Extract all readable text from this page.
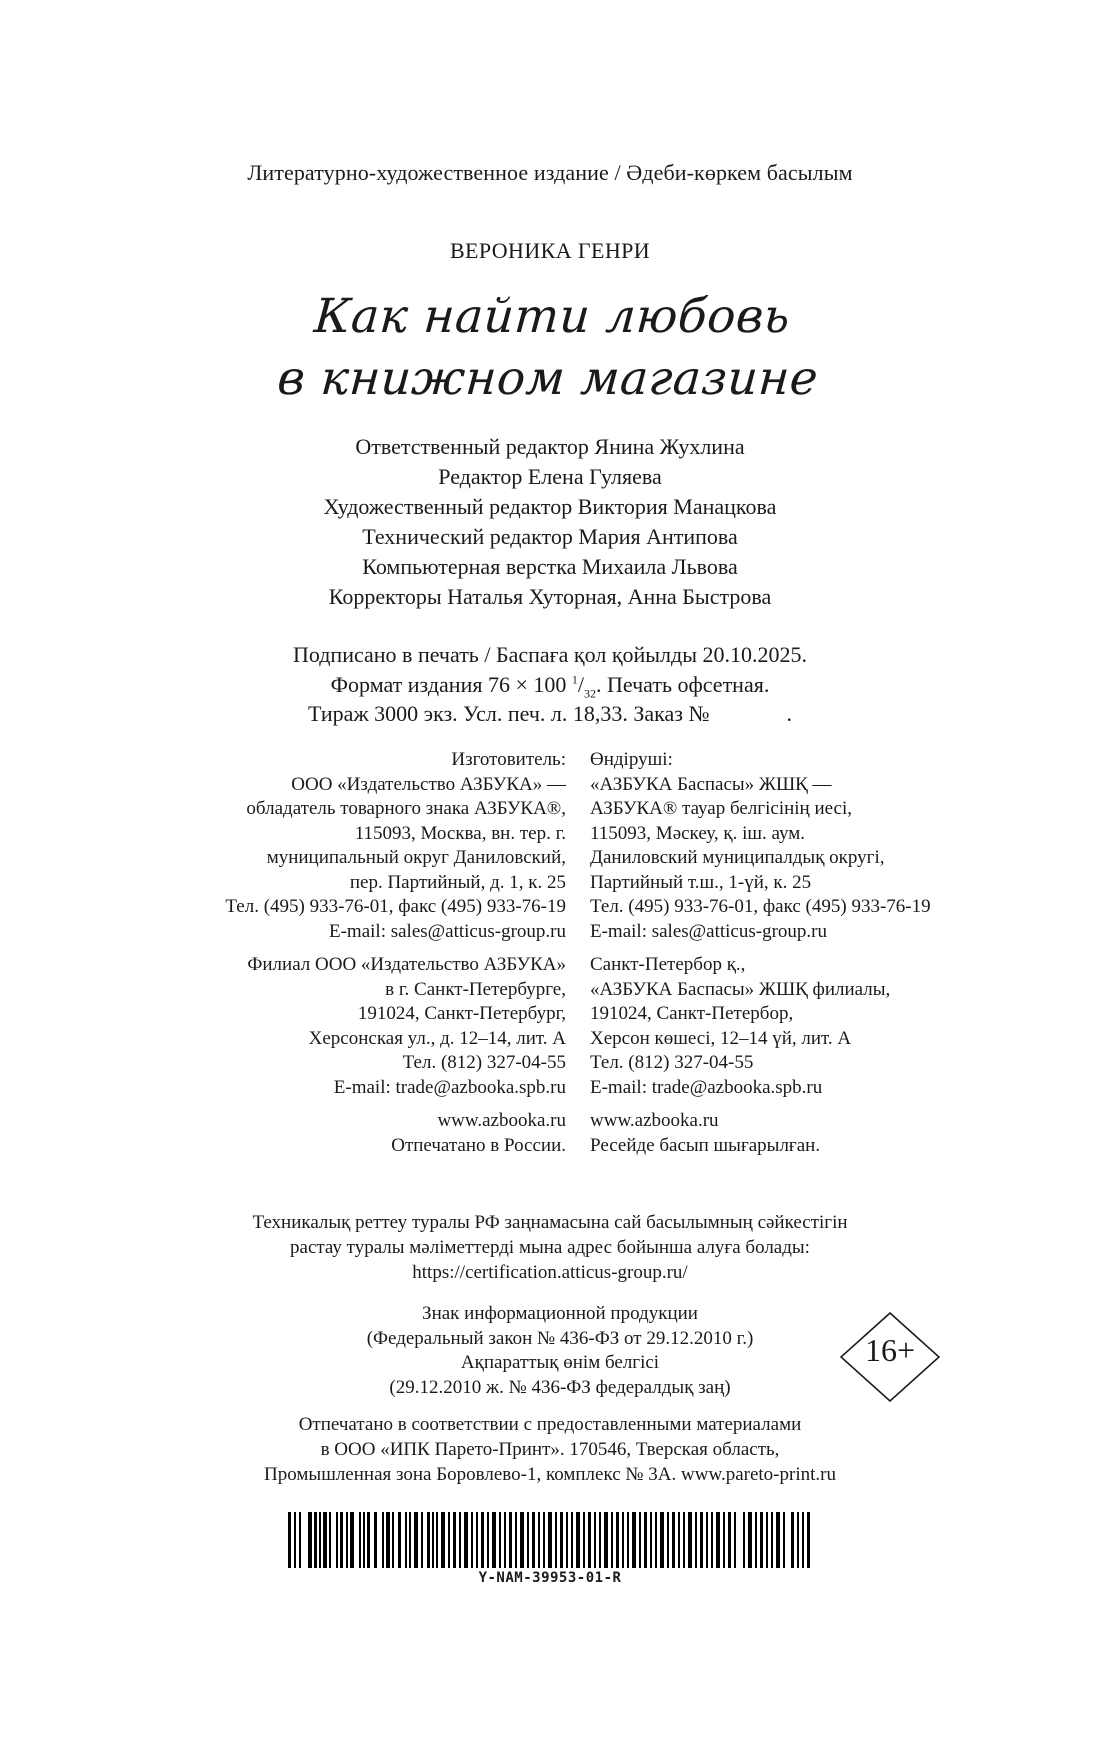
Литературно-художественное издание / Әдеби-көркем басылым
ВЕРОНИКА ГЕНРИ
Как найти любовь
в книжном магазине
Ответственный редактор Янина Жухлина
Редактор Елена Гуляева
Художественный редактор Виктория Манацкова
Технический редактор Мария Антипова
Компьютерная верстка Михаила Львова
Корректоры Наталья Хуторная, Анна Быстрова
Подписано в печать / Баспаға қол қойылды 20.10.2025.
Формат издания 76 × 100 $^1/_{32}$. Печать офсетная.
Тираж 3000 экз. Усл. печ. л. 18,33. Заказ №              .
Изготовитель:
ООО «Издательство АЗБУКА» —
обладатель товарного знака АЗБУКА®,
115093, Москва, вн. тер. г.
муниципальный округ Даниловский,
пер. Партийный, д. 1, к. 25
Тел. (495) 933-76-01, факс (495) 933-76-19
E-mail: sales@atticus-group.ru
Филиал ООО «Издательство АЗБУКА»
в г. Санкт-Петербурге,
191024, Санкт-Петербург,
Херсонская ул., д. 12–14, лит. А
Тел. (812) 327-04-55
E-mail: trade@azbooka.spb.ru
www.azbooka.ru
Отпечатано в России.
Өндіруші:
«АЗБУКА Баспасы» ЖШҚ —
АЗБУКА® тауар белгісінің иесі,
115093, Мәскеу, қ. іш. аум.
Даниловский муниципалдық округі,
Партийный т.ш., 1-үй, к. 25
Тел. (495) 933-76-01, факс (495) 933-76-19
E-mail: sales@atticus-group.ru
Санкт-Петербор қ.,
«АЗБУКА Баспасы» ЖШҚ филиалы,
191024, Санкт-Петербор,
Херсон көшесі, 12–14 үй, лит. А
Тел. (812) 327-04-55
E-mail: trade@azbooka.spb.ru
www.azbooka.ru
Ресейде басып шығарылған.
Техникалық реттеу туралы РФ заңнамасына сай басылымның сәйкестігін
растау туралы мәліметтерді мына адрес бойынша алуға болады:
https://certification.atticus-group.ru/
Знак информационной продукции
(Федеральный закон № 436-ФЗ от 29.12.2010 г.)
Ақпараттық өнім белгісі
(29.12.2010 ж. № 436-ФЗ федералдық заң)
16+
Отпечатано в соответствии с предоставленными материалами
в ООО «ИПК Парето-Принт». 170546, Тверская область,
Промышленная зона Боровлево-1, комплекс № 3А. www.pareto-print.ru
Y-NAM-39953-01-R
